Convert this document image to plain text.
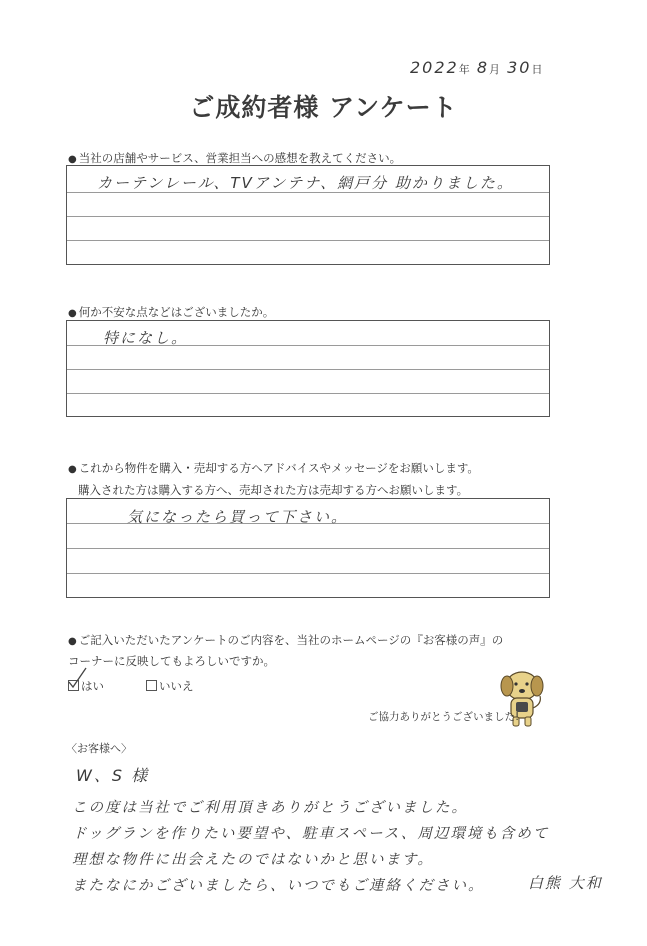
2022年 8月 30日
ご成約者様 アンケート
● 当社の店舗やサービス、営業担当への感想を教えてください。
カーテンレール、TVアンテナ、網戸分 助かりました。
● 何か不安な点などはございましたか。
特になし。
● これから物件を購入・売却する方へアドバイスやメッセージをお願いします。
購入された方は購入する方へ、売却された方は売却する方へお願いします。
気になったら買って下さい。
● ご記入いただいたアンケートのご内容を、当社のホームページの『お客様の声』の
コーナーに反映してもよろしいですか。
はい	いいえ
ご協力ありがとうございました!
〈お客様へ〉
W、S 様
この度は当社でご利用頂きありがとうございました。
ドッグランを作りたい要望や、駐車スペース、周辺環境も含めて
理想な物件に出会えたのではないかと思います。
またなにかございましたら、いつでもご連絡ください。	白熊 大和
